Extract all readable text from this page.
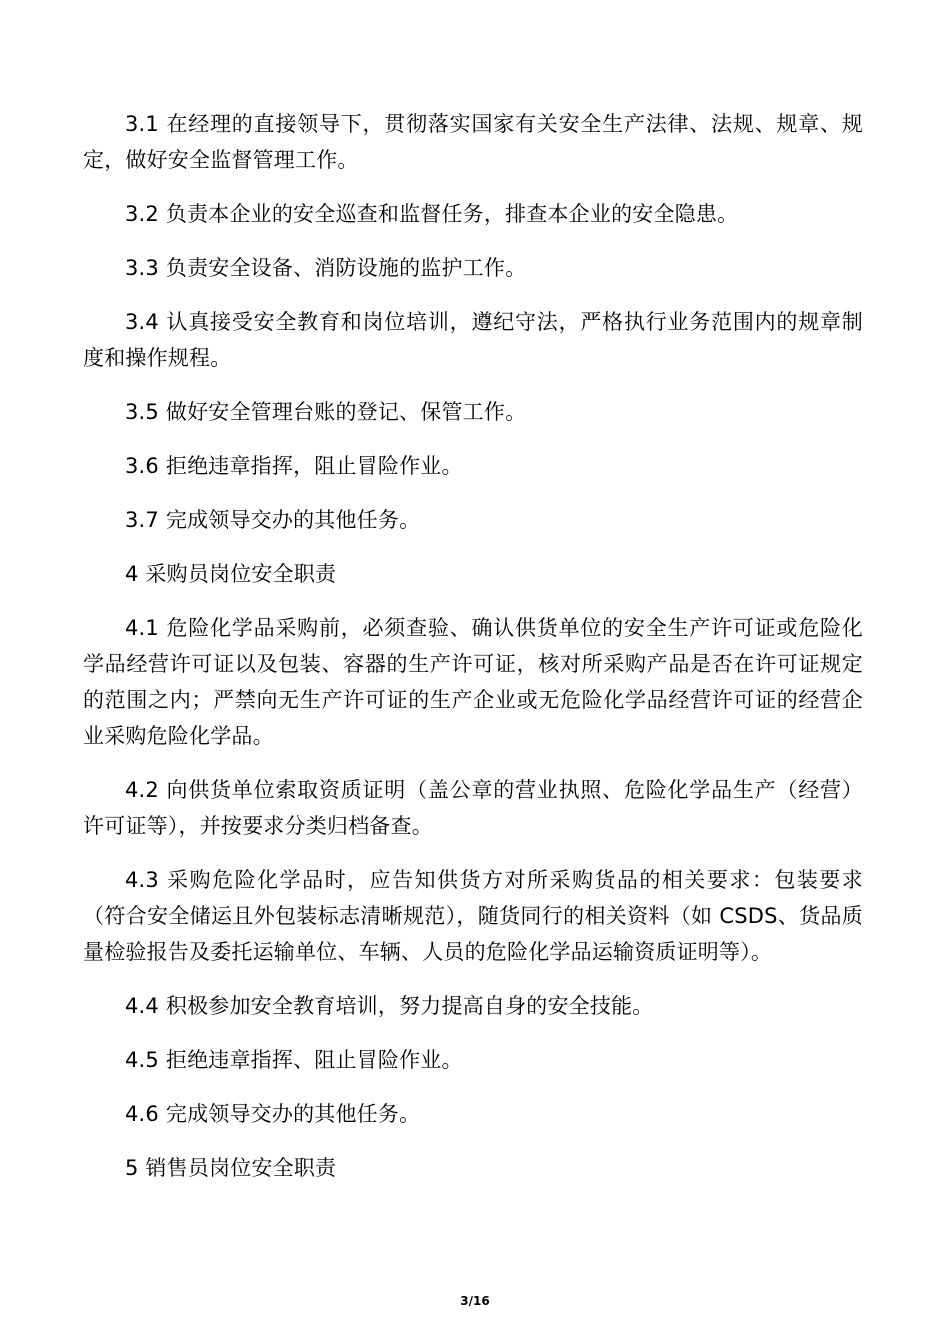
3.1 在经理的直接领导下，贯彻落实国家有关安全生产法律、法规、规章、规定，做好安全监督管理工作。

3.2 负责本企业的安全巡查和监督任务，排查本企业的安全隐患。

3.3 负责安全设备、消防设施的监护工作。

3.4 认真接受安全教育和岗位培训，遵纪守法，严格执行业务范围内的规章制度和操作规程。

3.5 做好安全管理台账的登记、保管工作。

3.6 拒绝违章指挥，阻止冒险作业。

3.7 完成领导交办的其他任务。

4 采购员岗位安全职责

4.1 危险化学品采购前，必须查验、确认供货单位的安全生产许可证或危险化学品经营许可证以及包装、容器的生产许可证，核对所采购产品是否在许可证规定的范围之内；严禁向无生产许可证的生产企业或无危险化学品经营许可证的经营企业采购危险化学品。

4.2 向供货单位索取资质证明（盖公章的营业执照、危险化学品生产（经营）许可证等），并按要求分类归档备查。

4.3 采购危险化学品时，应告知供货方对所采购货品的相关要求：包装要求（符合安全储运且外包装标志清晰规范），随货同行的相关资料（如 CSDS、货品质量检验报告及委托运输单位、车辆、人员的危险化学品运输资质证明等）。

4.4 积极参加安全教育培训，努力提高自身的安全技能。

4.5 拒绝违章指挥、阻止冒险作业。

4.6 完成领导交办的其他任务。

5 销售员岗位安全职责

3/16
